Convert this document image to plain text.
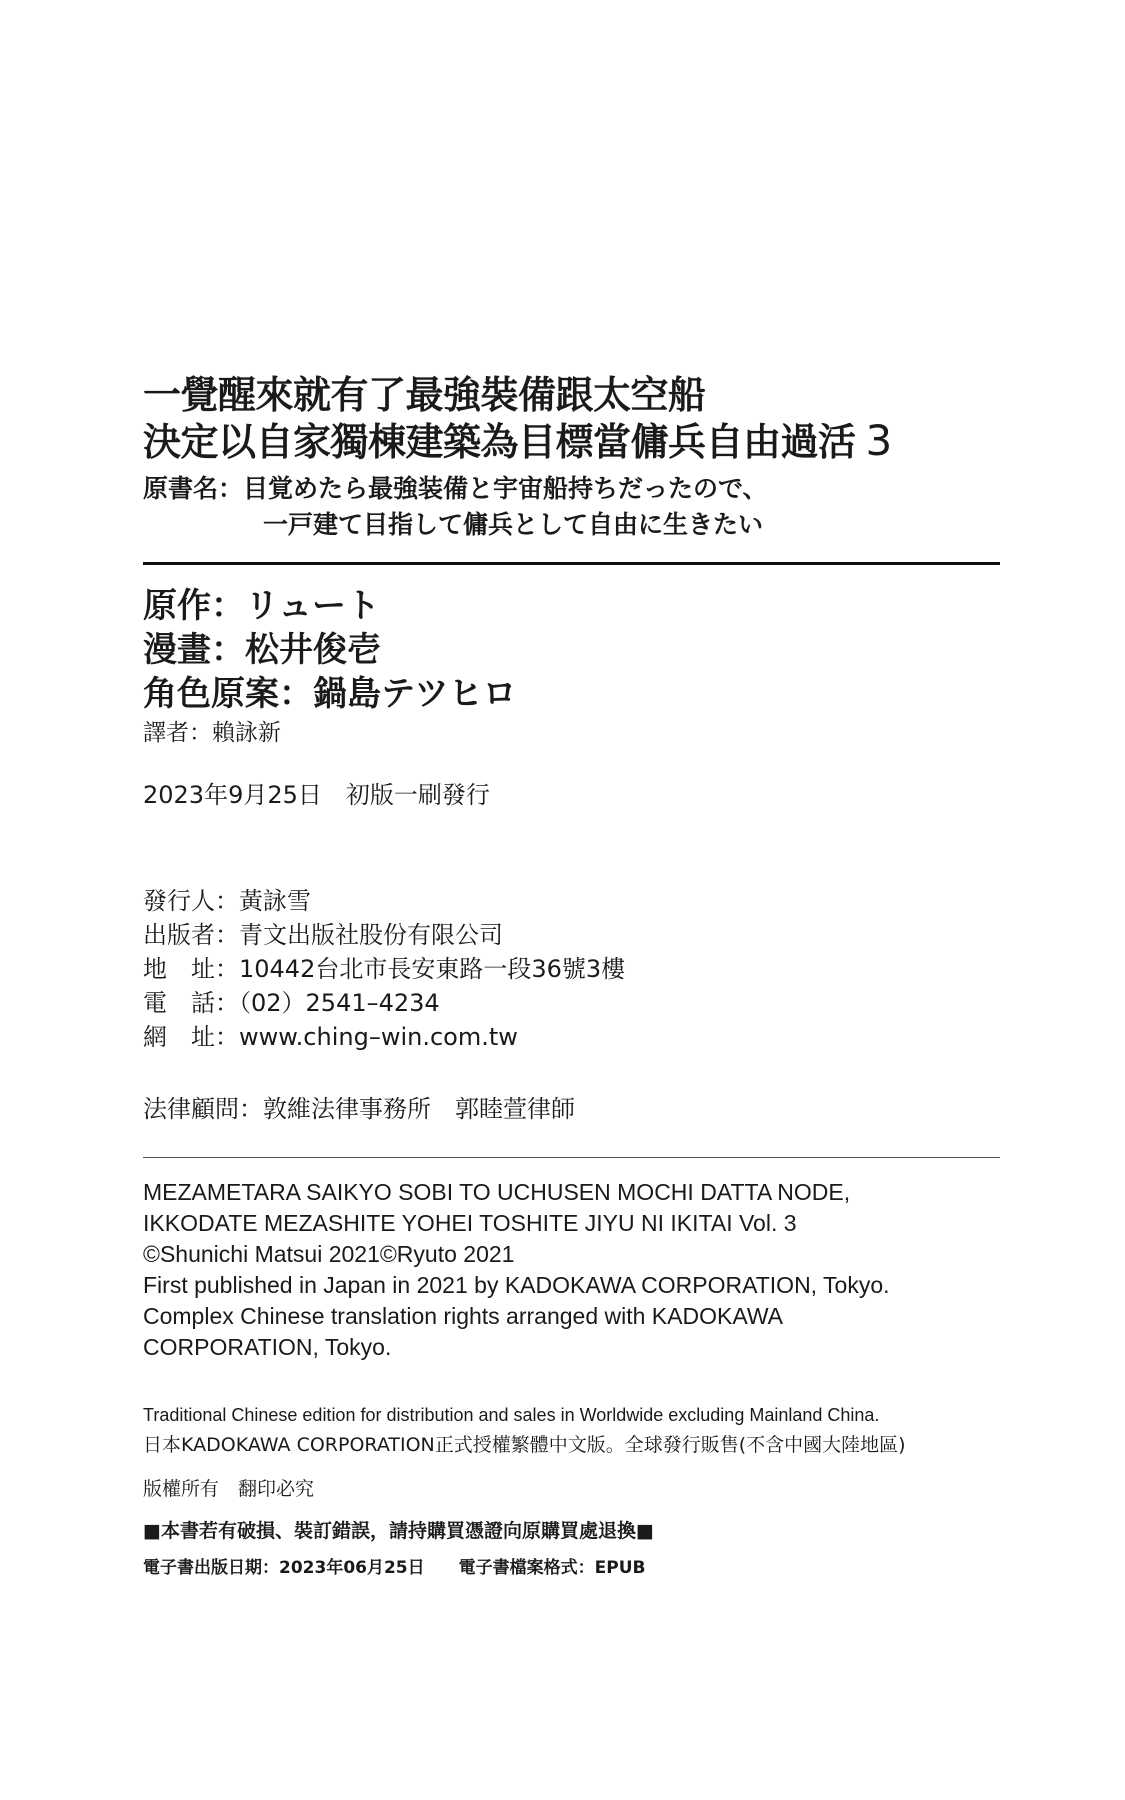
一覺醒來就有了最強裝備跟太空船
決定以自家獨棟建築為目標當傭兵自由過活 3
原書名：目覚めたら最強装備と宇宙船持ちだったので、
一戸建て目指して傭兵として自由に生きたい
原作：リュート
漫畫：松井俊壱
角色原案：鍋島テツヒロ
譯者：賴詠新
2023年9月25日　初版一刷發行
發行人：黃詠雪
出版者：青文出版社股份有限公司
地　址：10442台北市長安東路一段36號3樓
電　話：（02）2541–4234
網　址：www.ching–win.com.tw
法律顧問：敦維法律事務所　郭睦萱律師
MEZAMETARA SAIKYO SOBI TO UCHUSEN MOCHI DATTA NODE,
IKKODATE MEZASHITE YOHEI TOSHITE JIYU NI IKITAI Vol. 3
©Shunichi Matsui 2021©Ryuto 2021
First published in Japan in 2021 by KADOKAWA CORPORATION, Tokyo.
Complex Chinese translation rights arranged with KADOKAWA
CORPORATION, Tokyo.
Traditional Chinese edition for distribution and sales in Worldwide excluding Mainland China.
日本KADOKAWA CORPORATION正式授權繁體中文版。全球發行販售(不含中國大陸地區)
版權所有　翻印必究
■本書若有破損、裝訂錯誤，請持購買憑證向原購買處退換■
電子書出版日期：2023年06月25日　　電子書檔案格式：EPUB
